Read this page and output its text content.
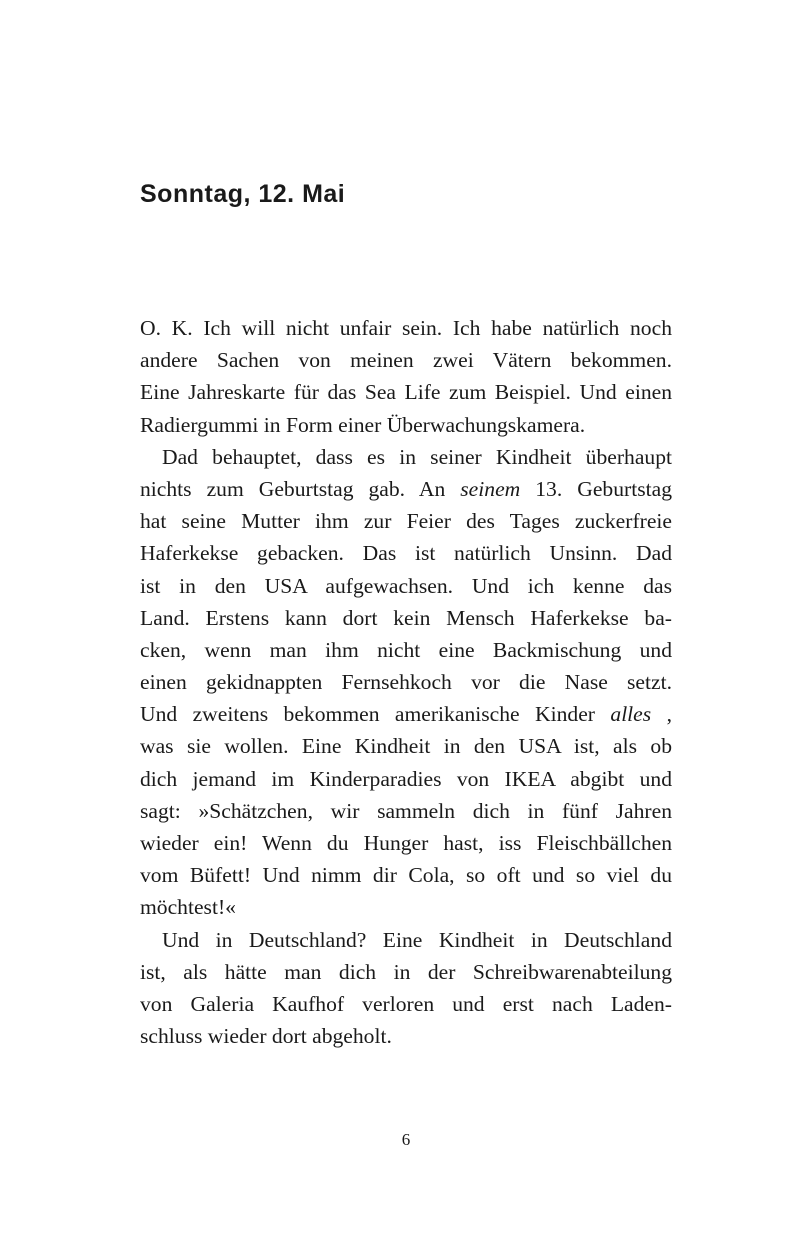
Sonntag, 12. Mai
O. K. Ich will nicht unfair sein. Ich habe natürlich noch
andere Sachen von meinen zwei Vätern bekommen.
Eine Jahreskarte für das Sea Life zum Beispiel. Und einen
Radiergummi in Form einer Überwachungskamera.
Dad behauptet, dass es in seiner Kindheit überhaupt
nichts zum Geburtstag gab. An seinem 13. Geburtstag
hat seine Mutter ihm zur Feier des Tages zuckerfreie
Haferkekse gebacken. Das ist natürlich Unsinn. Dad
ist in den USA aufgewachsen. Und ich kenne das
Land. Erstens kann dort kein Mensch Haferkekse ba-
cken, wenn man ihm nicht eine Backmischung und
einen gekidnappten Fernsehkoch vor die Nase setzt.
Und zweitens bekommen amerikanische Kinder alles ,
was sie wollen. Eine Kindheit in den USA ist, als ob
dich jemand im Kinderparadies von IKEA abgibt und
sagt: »Schätzchen, wir sammeln dich in fünf Jahren
wieder ein! Wenn du Hunger hast, iss Fleischbällchen
vom Büfett! Und nimm dir Cola, so oft und so viel du
möchtest!«
Und in Deutschland? Eine Kindheit in Deutschland
ist, als hätte man dich in der Schreibwarenabteilung
von Galeria Kaufhof verloren und erst nach Laden-
schluss wieder dort abgeholt.
6
